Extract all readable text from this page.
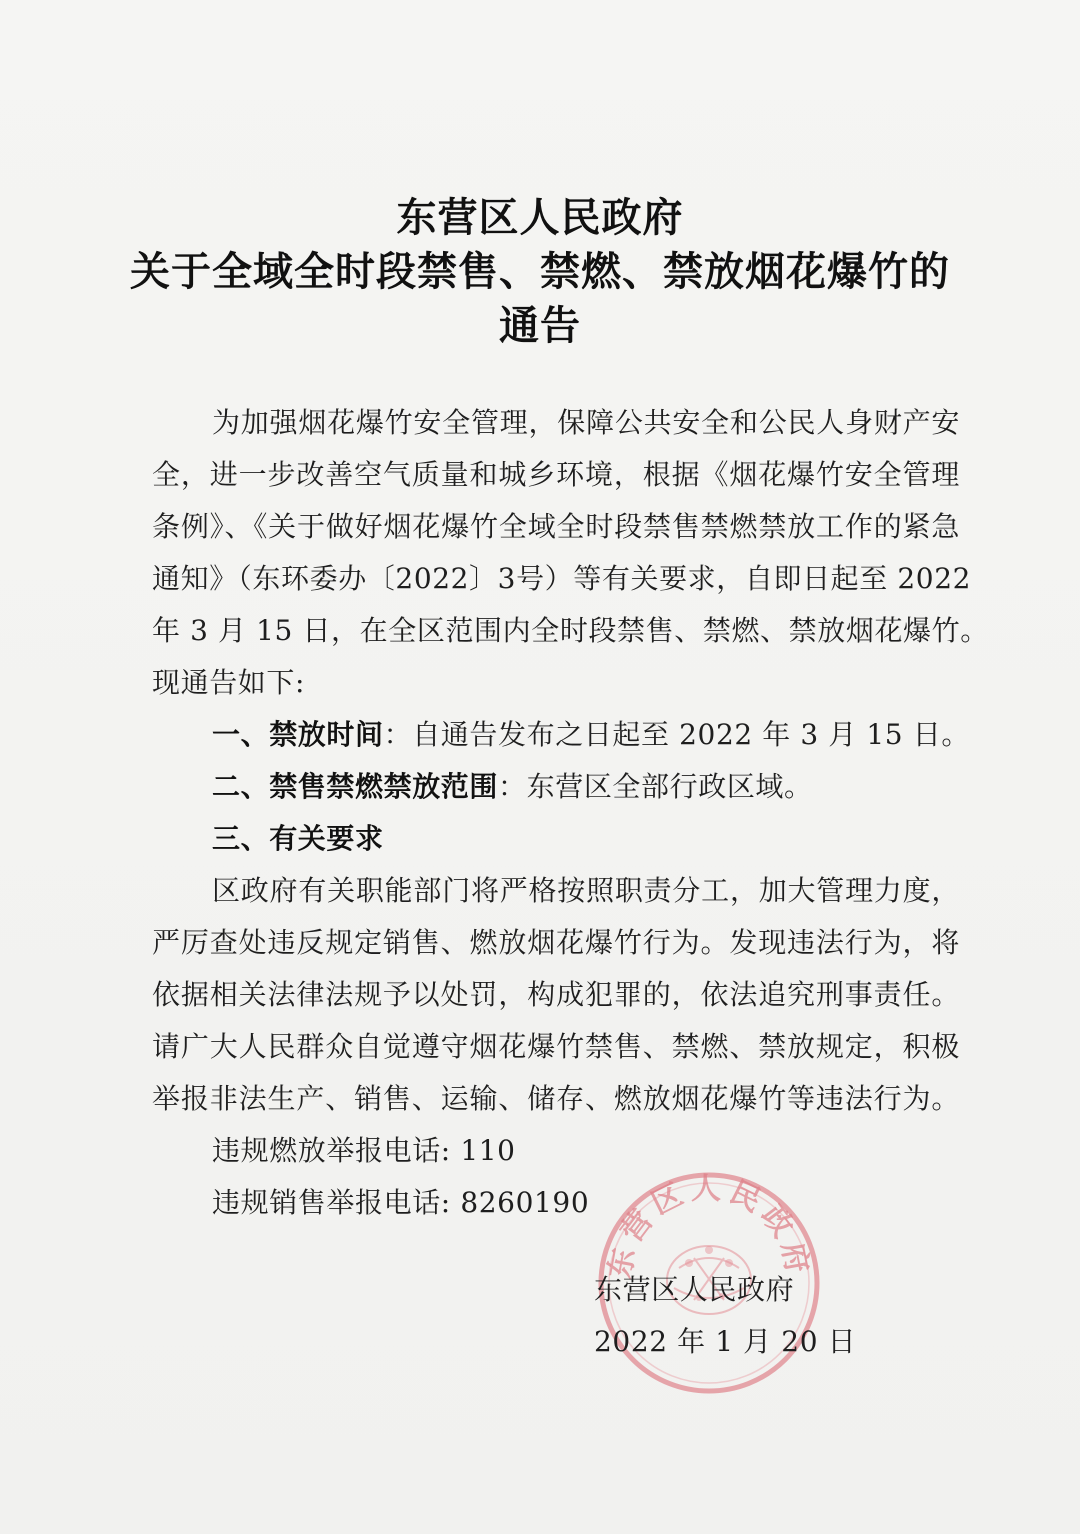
东营区人民政府
关于全域全时段禁售、禁燃、禁放烟花爆竹的
通告
为加强烟花爆竹安全管理，保障公共安全和公民人身财产安
全，进一步改善空气质量和城乡环境，根据《烟花爆竹安全管理
条例》、《关于做好烟花爆竹全域全时段禁售禁燃禁放工作的紧急
通知》（东环委办〔2022〕3号）等有关要求，自即日起至 2022
年 3 月 15 日，在全区范围内全时段禁售、禁燃、禁放烟花爆竹。
现通告如下:
一、禁放时间：自通告发布之日起至 2022 年 3 月 15 日。
二、禁售禁燃禁放范围：东营区全部行政区域。
三、有关要求
区政府有关职能部门将严格按照职责分工，加大管理力度，
严厉查处违反规定销售、燃放烟花爆竹行为。发现违法行为，将
依据相关法律法规予以处罚，构成犯罪的，依法追究刑事责任。
请广大人民群众自觉遵守烟花爆竹禁售、禁燃、禁放规定，积极
举报非法生产、销售、运输、储存、燃放烟花爆竹等违法行为。
违规燃放举报电话: 110
违规销售举报电话: 8260190
东营区人民政府
东营区人民政府
2022 年 1 月 20 日
